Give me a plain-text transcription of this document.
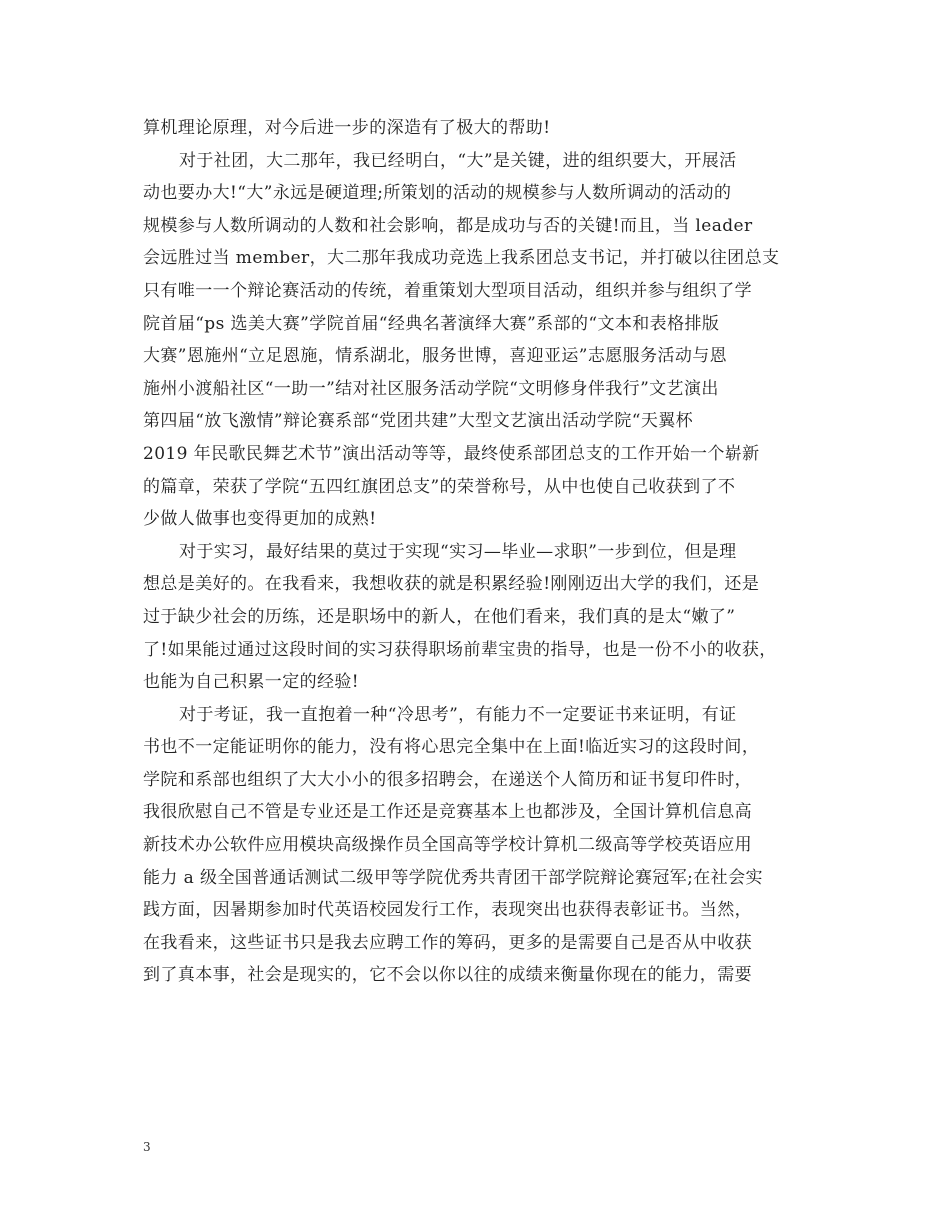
算机理论原理，对今后进一步的深造有了极大的帮助!
对于社团，大二那年，我已经明白，“大”是关键，进的组织要大，开展活
动也要办大!“大”永远是硬道理;所策划的活动的规模参与人数所调动的活动的
规模参与人数所调动的人数和社会影响，都是成功与否的关键!而且，当 leader
会远胜过当 member，大二那年我成功竞选上我系团总支书记，并打破以往团总支
只有唯一一个辩论赛活动的传统，着重策划大型项目活动，组织并参与组织了学
院首届“ps 选美大赛”学院首届“经典名著演绎大赛”系部的“文本和表格排版
大赛”恩施州“立足恩施，情系湖北，服务世博，喜迎亚运”志愿服务活动与恩
施州小渡船社区“一助一”结对社区服务活动学院“文明修身伴我行”文艺演出
第四届“放飞激情”辩论赛系部“党团共建”大型文艺演出活动学院“天翼杯
2019 年民歌民舞艺术节”演出活动等等，最终使系部团总支的工作开始一个崭新
的篇章，荣获了学院“五四红旗团总支”的荣誉称号，从中也使自己收获到了不
少做人做事也变得更加的成熟!
对于实习，最好结果的莫过于实现“实习—毕业—求职”一步到位，但是理
想总是美好的。在我看来，我想收获的就是积累经验!刚刚迈出大学的我们，还是
过于缺少社会的历练，还是职场中的新人，在他们看来，我们真的是太“嫩了”
了!如果能过通过这段时间的实习获得职场前辈宝贵的指导，也是一份不小的收获，
也能为自己积累一定的经验!
对于考证，我一直抱着一种“冷思考”，有能力不一定要证书来证明，有证
书也不一定能证明你的能力，没有将心思完全集中在上面!临近实习的这段时间，
学院和系部也组织了大大小小的很多招聘会，在递送个人简历和证书复印件时，
我很欣慰自己不管是专业还是工作还是竞赛基本上也都涉及，全国计算机信息高
新技术办公软件应用模块高级操作员全国高等学校计算机二级高等学校英语应用
能力 a 级全国普通话测试二级甲等学院优秀共青团干部学院辩论赛冠军;在社会实
践方面，因暑期参加时代英语校园发行工作，表现突出也获得表彰证书。当然，
在我看来，这些证书只是我去应聘工作的筹码，更多的是需要自己是否从中收获
到了真本事，社会是现实的，它不会以你以往的成绩来衡量你现在的能力，需要
3
